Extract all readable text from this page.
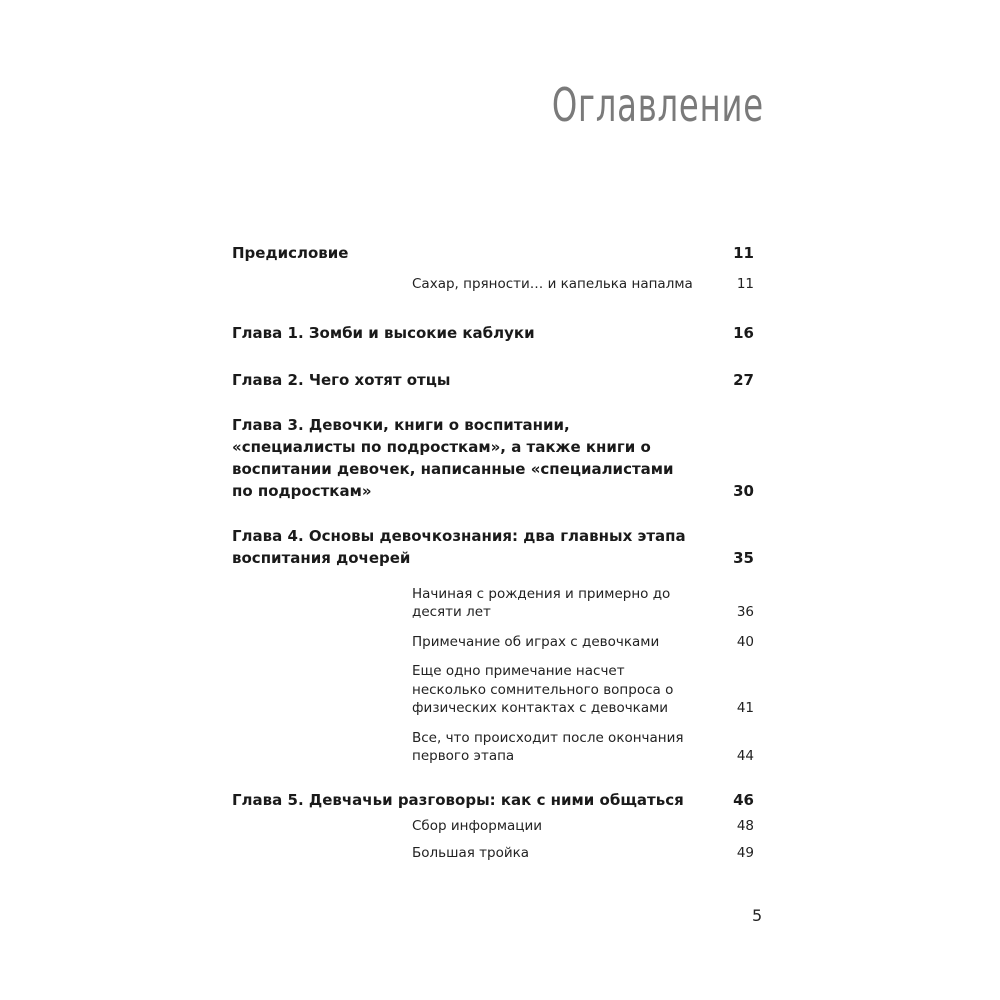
Оглавление
Предисловие	11
Сахар, пряности… и капелька напалма	11
Глава 1. Зомби и высокие каблуки	16
Глава 2. Чего хотят отцы	27
Глава 3. Девочки, книги о воспитании, «специалисты по подросткам», а также книги о воспитании девочек, написанные «специалистами по подросткам»	30
Глава 4. Основы девочкознания: два главных этапа воспитания дочерей	35
Начиная с рождения и примерно до десяти лет	36
Примечание об играх с девочками	40
Еще одно примечание насчет несколько сомнительного вопроса о физических контактах с девочками	41
Все, что происходит после окончания первого этапа	44
Глава 5. Девчачьи разговоры: как с ними общаться	46
Сбор информации	48
Большая тройка	49
5
